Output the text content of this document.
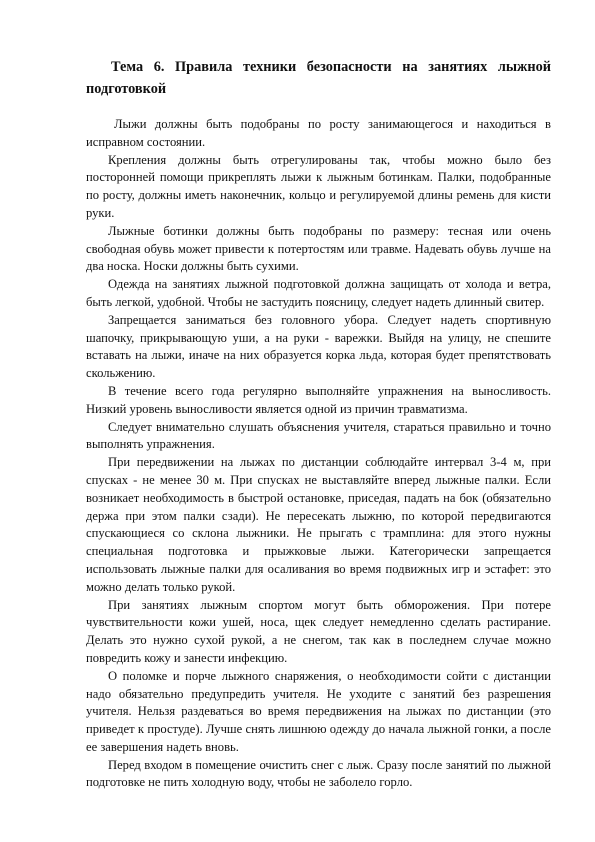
Тема 6. Правила техники безопасности на занятиях лыжной подготовкой

Лыжи должны быть подобраны по росту занимающегося и находиться в исправном состоянии.

Крепления должны быть отрегулированы так, чтобы можно было без посторонней помощи прикреплять лыжи к лыжным ботинкам. Палки, подобранные по росту, должны иметь наконечник, кольцо и регулируемой длины ремень для кисти руки.

Лыжные ботинки должны быть подобраны по размеру: тесная или очень свободная обувь может привести к потертостям или травме. Надевать обувь лучше на два носка. Носки должны быть сухими.

Одежда на занятиях лыжной подготовкой должна защищать от холода и ветра, быть легкой, удобной. Чтобы не застудить поясницу, следует надеть длинный свитер.

Запрещается заниматься без головного убора. Следует надеть спортивную шапочку, прикрывающую уши, а на руки - варежки. Выйдя на улицу, не спешите вставать на лыжи, иначе на них образуется корка льда, которая будет препятствовать скольжению.

В течение всего года регулярно выполняйте упражнения на выносливость. Низкий уровень выносливости является одной из причин травматизма.

Следует внимательно слушать объяснения учителя, стараться правильно и точно выполнять упражнения.

При передвижении на лыжах по дистанции соблюдайте интервал 3-4 м, при спусках - не менее 30 м. При спусках не выставляйте вперед лыжные палки. Если возникает необходимость в быстрой остановке, приседая, падать на бок (обязательно держа при этом палки сзади). Не пересекать лыжню, по которой передвигаются спускающиеся со склона лыжники. Не прыгать с трамплина: для этого нужны специальная подготовка и прыжковые лыжи. Категорически запрещается использовать лыжные палки для осаливания во время подвижных игр и эстафет: это можно делать только рукой.

При занятиях лыжным спортом могут быть обморожения. При потере чувствительности кожи ушей, носа, щек следует немедленно сделать растирание. Делать это нужно сухой рукой, а не снегом, так как в последнем случае можно повредить кожу и занести инфекцию.

О поломке и порче лыжного снаряжения, о необходимости сойти с дистанции надо обязательно предупредить учителя. Не уходите с занятий без разрешения учителя. Нельзя раздеваться во время передвижения на лыжах по дистанции (это приведет к простуде). Лучше снять лишнюю одежду до начала лыжной гонки, а после ее завершения надеть вновь.

Перед входом в помещение очистить снег с лыж. Сразу после занятий по лыжной подготовке не пить холодную воду, чтобы не заболело горло.
